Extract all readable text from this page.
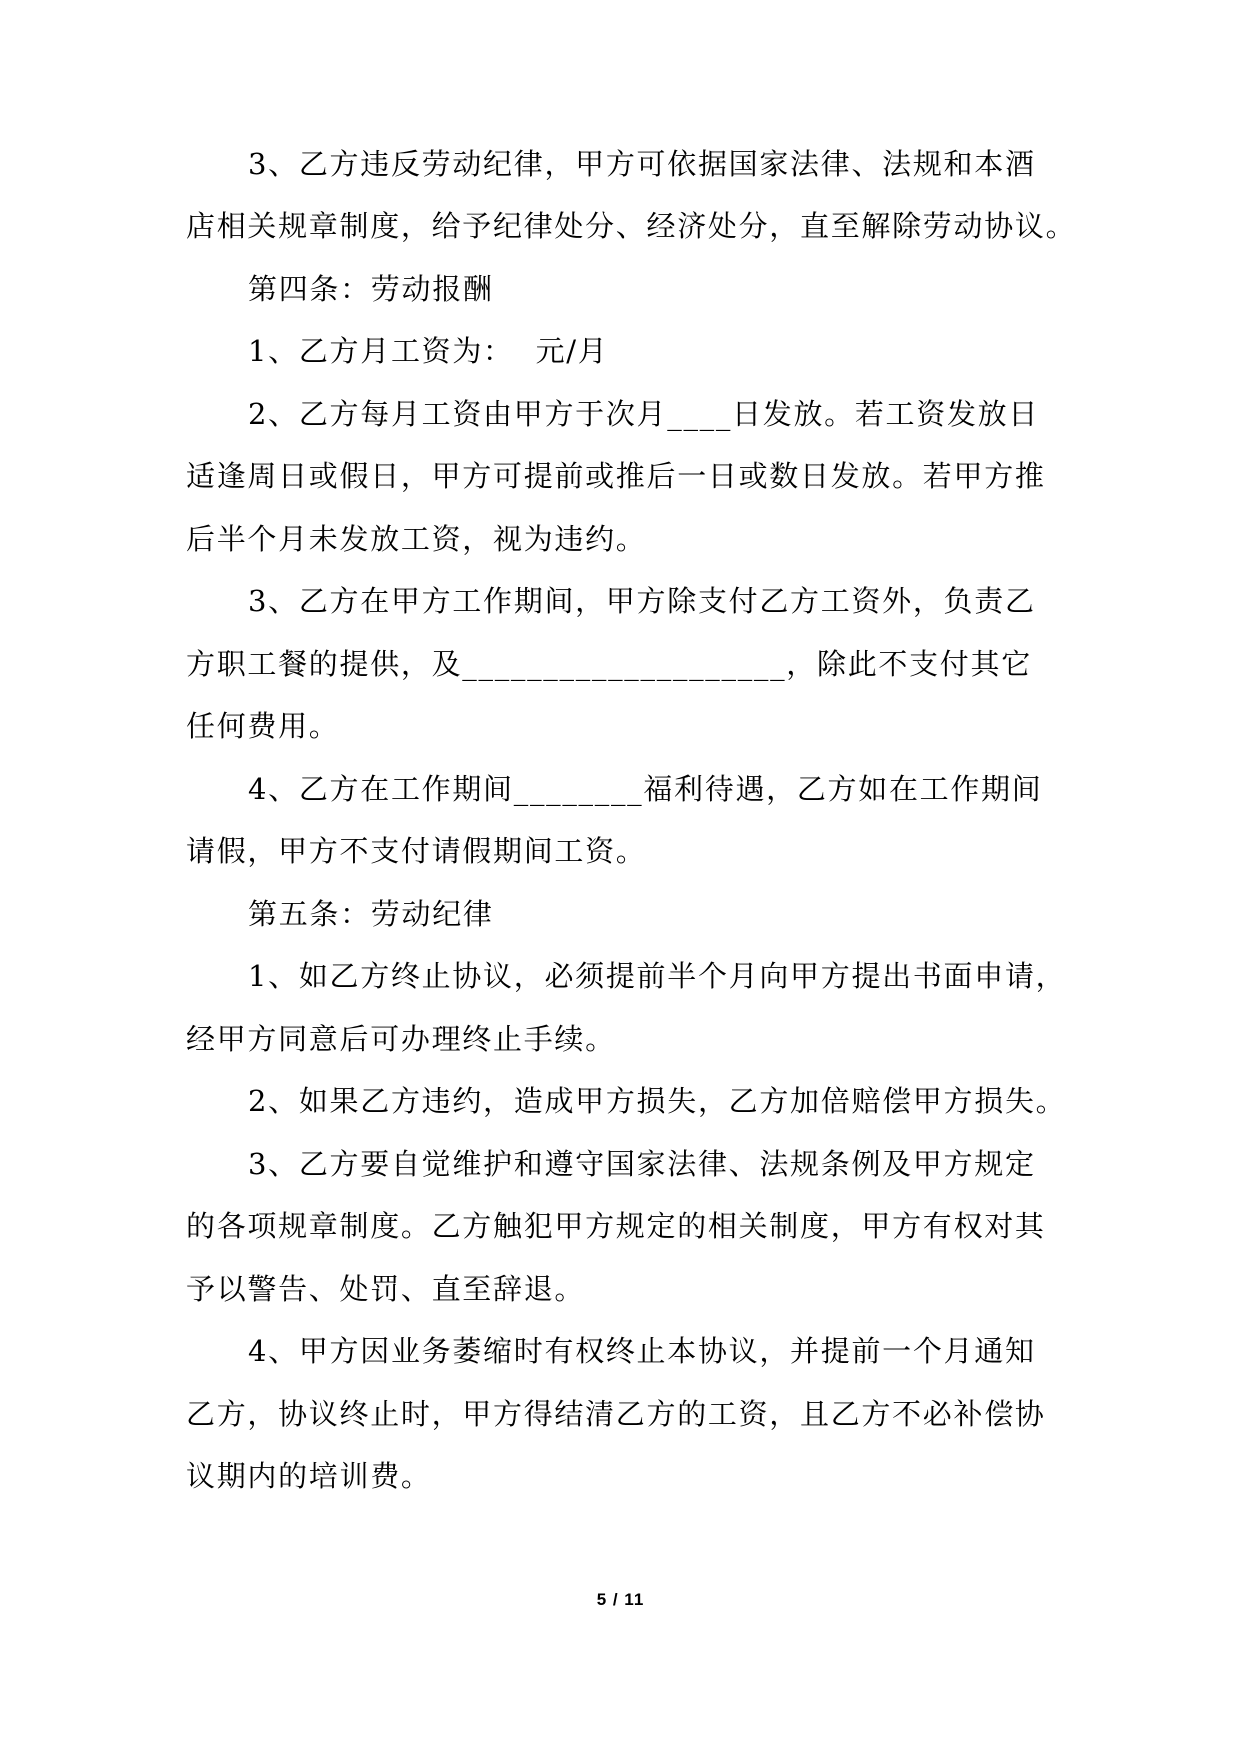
3、乙方违反劳动纪律，甲方可依据国家法律、法规和本酒
店相关规章制度，给予纪律处分、经济处分，直至解除劳动协议。
第四条：劳动报酬
1、乙方月工资为：  元/月
2、乙方每月工资由甲方于次月____日发放。若工资发放日
适逢周日或假日，甲方可提前或推后一日或数日发放。若甲方推
后半个月未发放工资，视为违约。
3、乙方在甲方工作期间，甲方除支付乙方工资外，负责乙
方职工餐的提供，及____________________，除此不支付其它
任何费用。
4、乙方在工作期间________福利待遇，乙方如在工作期间
请假，甲方不支付请假期间工资。
第五条：劳动纪律
1、如乙方终止协议，必须提前半个月向甲方提出书面申请，
经甲方同意后可办理终止手续。
2、如果乙方违约，造成甲方损失，乙方加倍赔偿甲方损失。
3、乙方要自觉维护和遵守国家法律、法规条例及甲方规定
的各项规章制度。乙方触犯甲方规定的相关制度，甲方有权对其
予以警告、处罚、直至辞退。
4、甲方因业务萎缩时有权终止本协议，并提前一个月通知
乙方，协议终止时，甲方得结清乙方的工资，且乙方不必补偿协
议期内的培训费。
5 / 11
